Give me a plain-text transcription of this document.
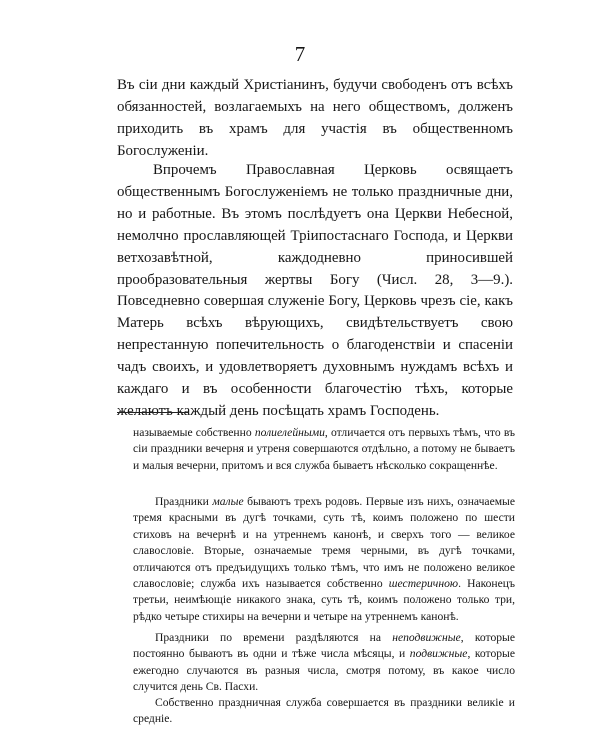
7

Въ сіи дни каждый Христіанинъ, будучи свободенъ отъ всѣхъ обязанностей, возлагаемыхъ на него обществомъ, долженъ приходить въ храмъ для участія въ общественномъ Богослуженіи.

Впрочемъ Православная Церковь освящаетъ общественнымъ Богослуженіемъ не только праздничные дни, но и работные. Въ этомъ послѣдуетъ она Церкви Небесной, немолчно прославляющей Тріипостаснаго Господа, и Церкви ветхозавѣтной, каждодневно приносившей прообразовательныя жертвы Богу (Числ. 28, 3—9.). Повседневно совершая служеніе Богу, Церковь чрезъ сіе, какъ Матерь всѣхъ вѣрующихъ, свидѣтельствуетъ свою непрестанную попечительность о благоденствіи и спасеніи чадъ своихъ, и удовлетворяетъ духовнымъ нуждамъ всѣхъ и каждаго и въ особенности благочестію тѣхъ, которые желаютъ каждый день посѣщать храмъ Господень.

называемые собственно полиелейными, отличается отъ первыхъ тѣмъ, что въ сіи праздники вечерня и утреня совершаются отдѣльно, а потому не бываетъ и малыя вечерни, притомъ и вся служба бываетъ нѣсколько сокращеннѣе.

Праздники малые бываютъ трехъ родовъ. Первые изъ нихъ, означаемые тремя красными въ дугѣ точками, суть тѣ, коимъ положено по шести стиховъ на вечернѣ и на утреннемъ канонѣ, и сверхъ того — великое славословіе. Вторые, означаемые тремя черными, въ дугѣ точками, отличаются отъ предъидущихъ только тѣмъ, что имъ не положено великое славословіе; служба ихъ называется собственно шестеричною. Наконецъ третьи, неимѣющіе никакого знака, суть тѣ, коимъ положено только три, рѣдко четыре стихиры на вечерни и четыре на утреннемъ канонѣ.

Праздники по времени раздѣляются на неподвижные, которые постоянно бываютъ въ одни и тѣже числа мѣсяцы, и подвижные, которые ежегодно случаются въ разныя числа, смотря потому, въ какое число случится день Св. Пасхи.

Собственно праздничная служба совершается въ праздники великіе и средніе.
